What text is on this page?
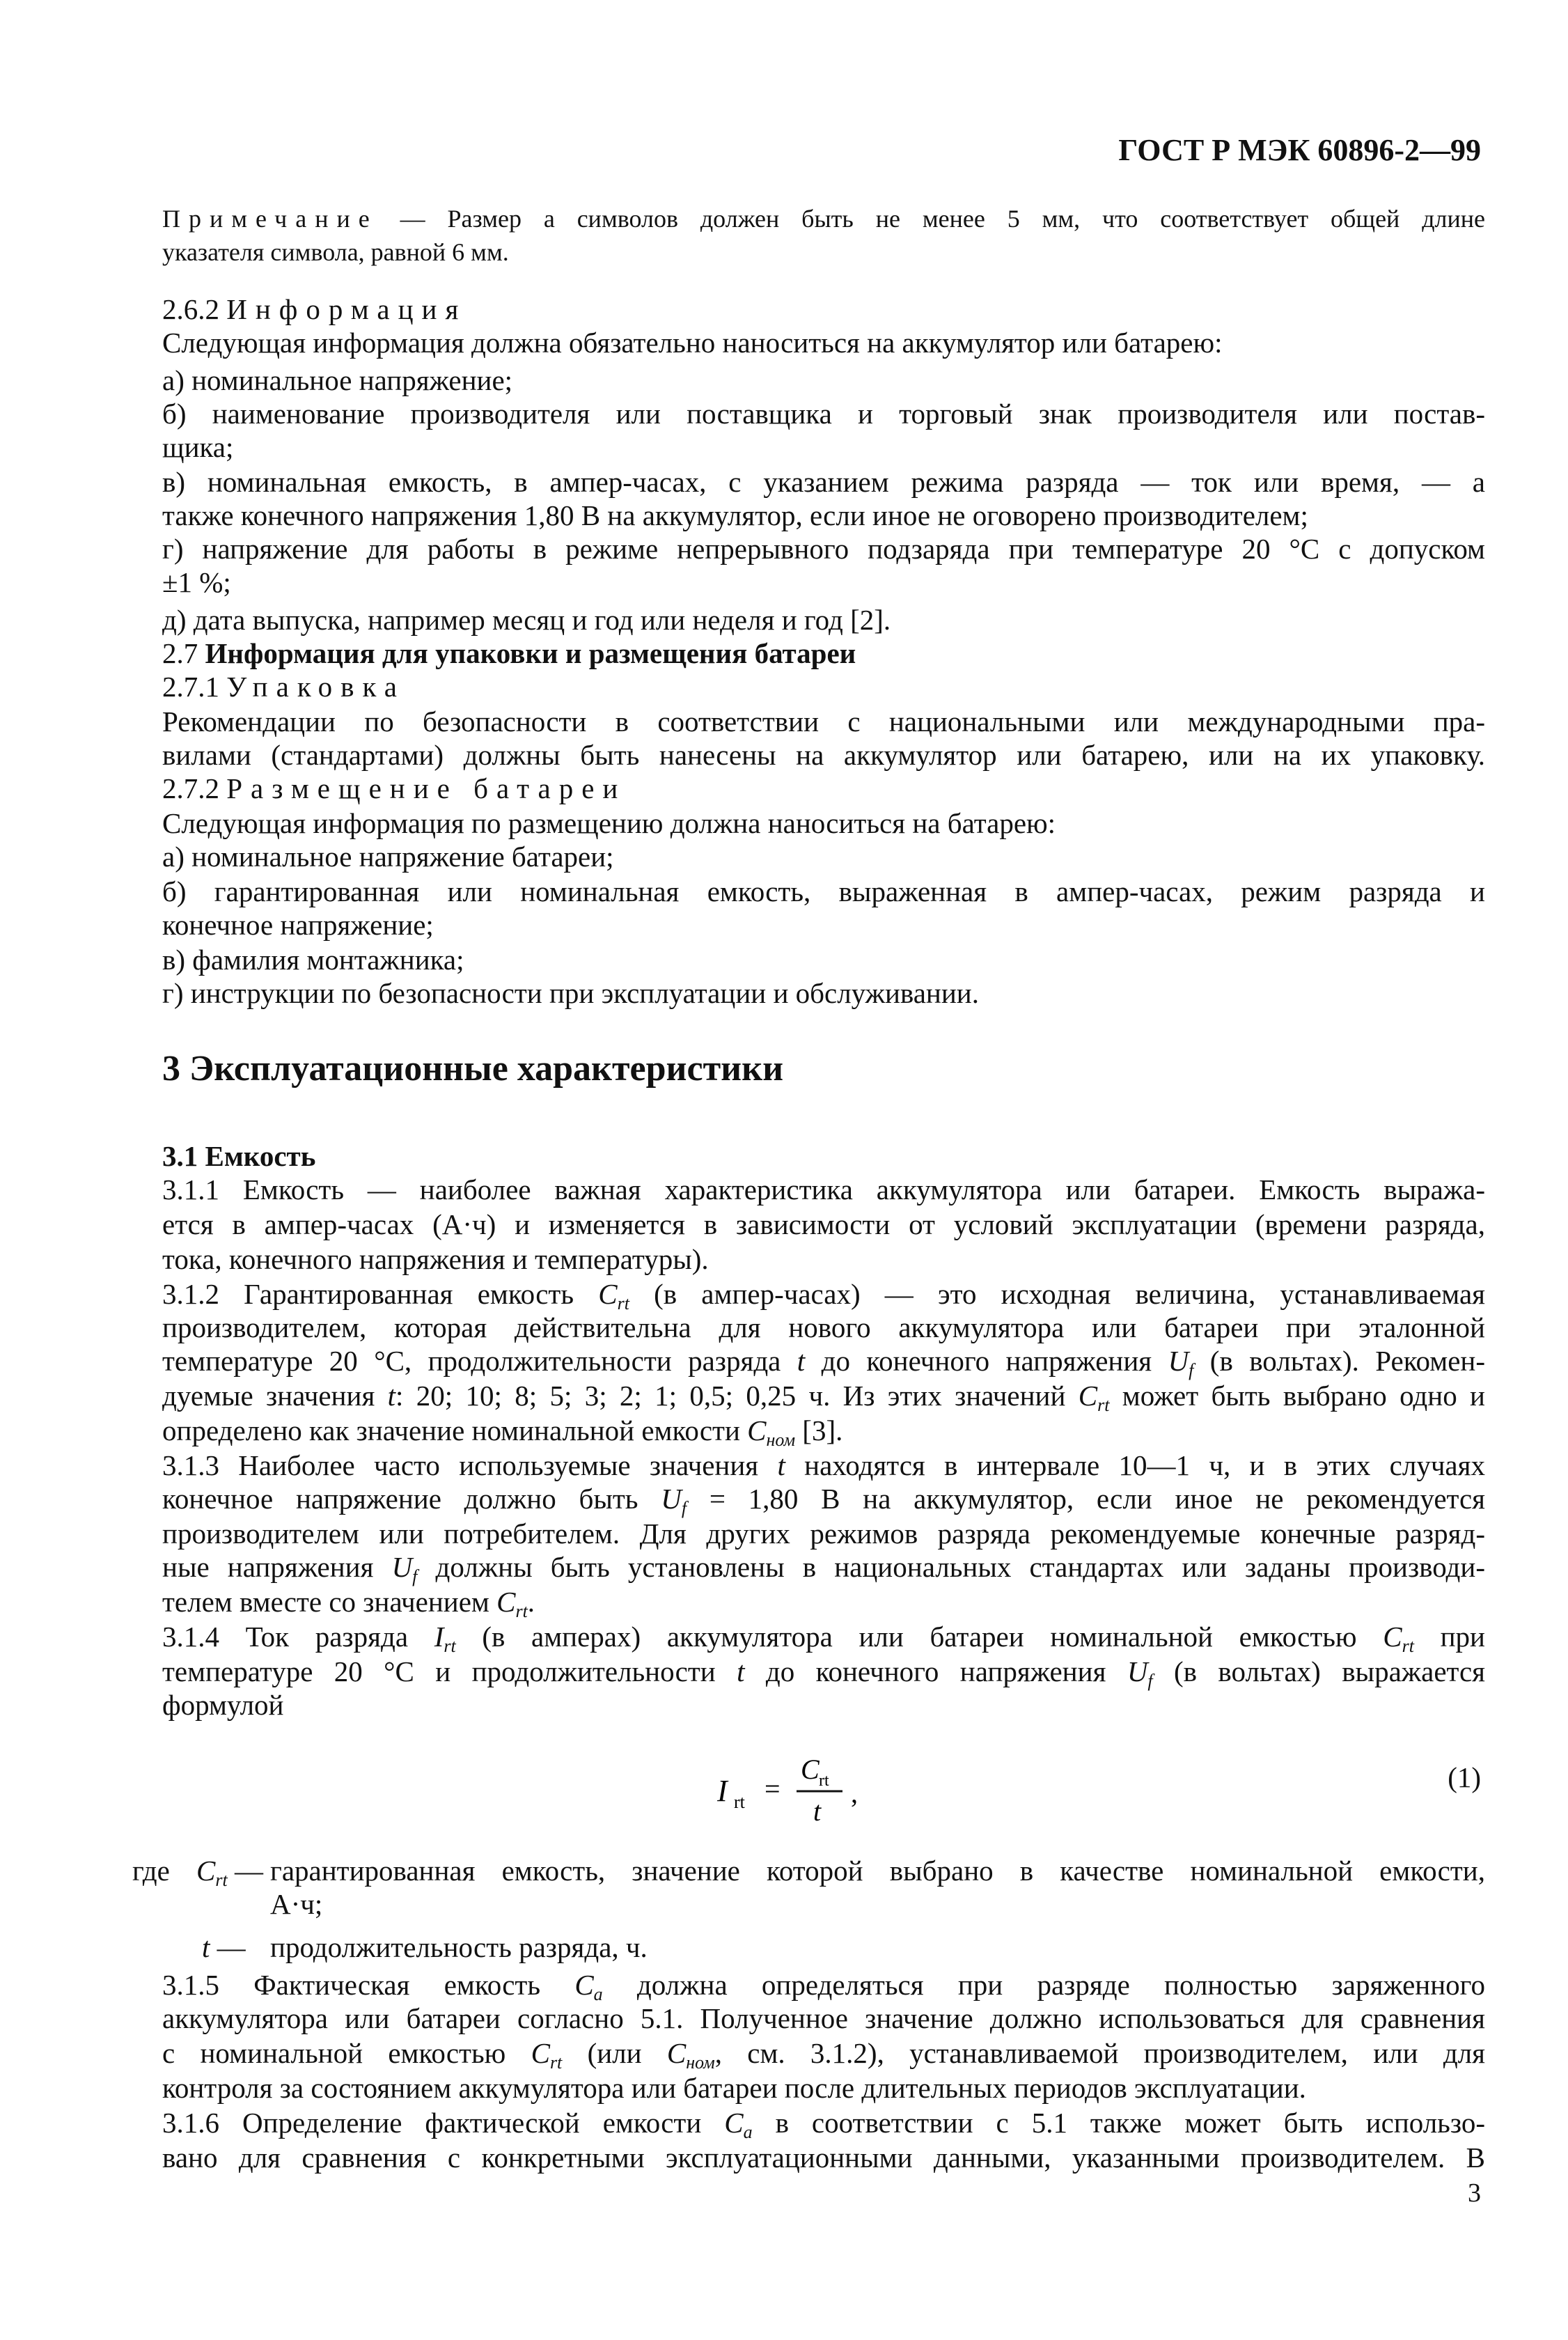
ГОСТ Р МЭК 60896-2—99
Примечание — Размер a символов должен быть не менее 5 мм, что соответствует общей длине
указателя символа, равной 6 мм.
2.6.2 Информация
Следующая информация должна обязательно наноситься на аккумулятор или батарею:
а) номинальное напряжение;
б) наименование производителя или поставщика и торговый знак производителя или постав-
щика;
в) номинальная емкость, в ампер-часах, с указанием режима разряда — ток или время, — а
также конечного напряжения 1,80 В на аккумулятор, если иное не оговорено производителем;
г) напряжение для работы в режиме непрерывного подзаряда при температуре 20 °С с допуском
±1 %;
д) дата выпуска, например месяц и год или неделя и год [2].
2.7 Информация для упаковки и размещения батареи
2.7.1 Упаковка
Рекомендации по безопасности в соответствии с национальными или международными пра-
вилами (стандартами) должны быть нанесены на аккумулятор или батарею, или на их упаковку.
2.7.2 Размещение батареи
Следующая информация по размещению должна наноситься на батарею:
а) номинальное напряжение батареи;
б) гарантированная или номинальная емкость, выраженная в ампер-часах, режим разряда и
конечное напряжение;
в) фамилия монтажника;
г) инструкции по безопасности при эксплуатации и обслуживании.
3 Эксплуатационные характеристики
3.1 Емкость
3.1.1 Емкость — наиболее важная характеристика аккумулятора или батареи. Емкость выража-
ется в ампер-часах (А·ч) и изменяется в зависимости от условий эксплуатации (времени разряда,
тока, конечного напряжения и температуры).
3.1.2 Гарантированная емкость $C_{rt}$ (в ампер-часах) — это исходная величина, устанавливаемая
производителем, которая действительна для нового аккумулятора или батареи при эталонной
температуре 20 °С, продолжительности разряда t до конечного напряжения $U_f$ (в вольтах). Рекомен-
дуемые значения t: 20; 10; 8; 5; 3; 2; 1; 0,5; 0,25 ч. Из этих значений $C_{rt}$ может быть выбрано одно и
определено как значение номинальной емкости $C_{ном}$ [3].
3.1.3 Наиболее часто используемые значения t находятся в интервале 10—1 ч, и в этих случаях
конечное напряжение должно быть $U_f = 1,80$ В на аккумулятор, если иное не рекомендуется
производителем или потребителем. Для других режимов разряда рекомендуемые конечные разряд-
ные напряжения $U_f$ должны быть установлены в национальных стандартах или заданы производи-
телем вместе со значением $C_{rt}$.
3.1.4 Ток разряда $I_{rt}$ (в амперах) аккумулятора или батареи номинальной емкостью $C_{rt}$ при
температуре 20 °С и продолжительности t до конечного напряжения $U_f$ (в вольтах) выражается
формулой
I rt =
C rt
t
,	(1)
где $C_{rt}$ — гарантированная емкость, значение которой выбрано в качестве номинальной емкости,
А·ч;
t — продолжительность разряда, ч.
3.1.5 Фактическая емкость $C_a$ должна определяться при разряде полностью заряженного
аккумулятора или батареи согласно 5.1. Полученное значение должно использоваться для сравнения
с номинальной емкостью $C_{rt}$ (или $C_{ном}$, см. 3.1.2), устанавливаемой производителем, или для
контроля за состоянием аккумулятора или батареи после длительных периодов эксплуатации.
3.1.6 Определение фактической емкости $C_a$ в соответствии с 5.1 также может быть использо-
вано для сравнения с конкретными эксплуатационными данными, указанными производителем. В
3
